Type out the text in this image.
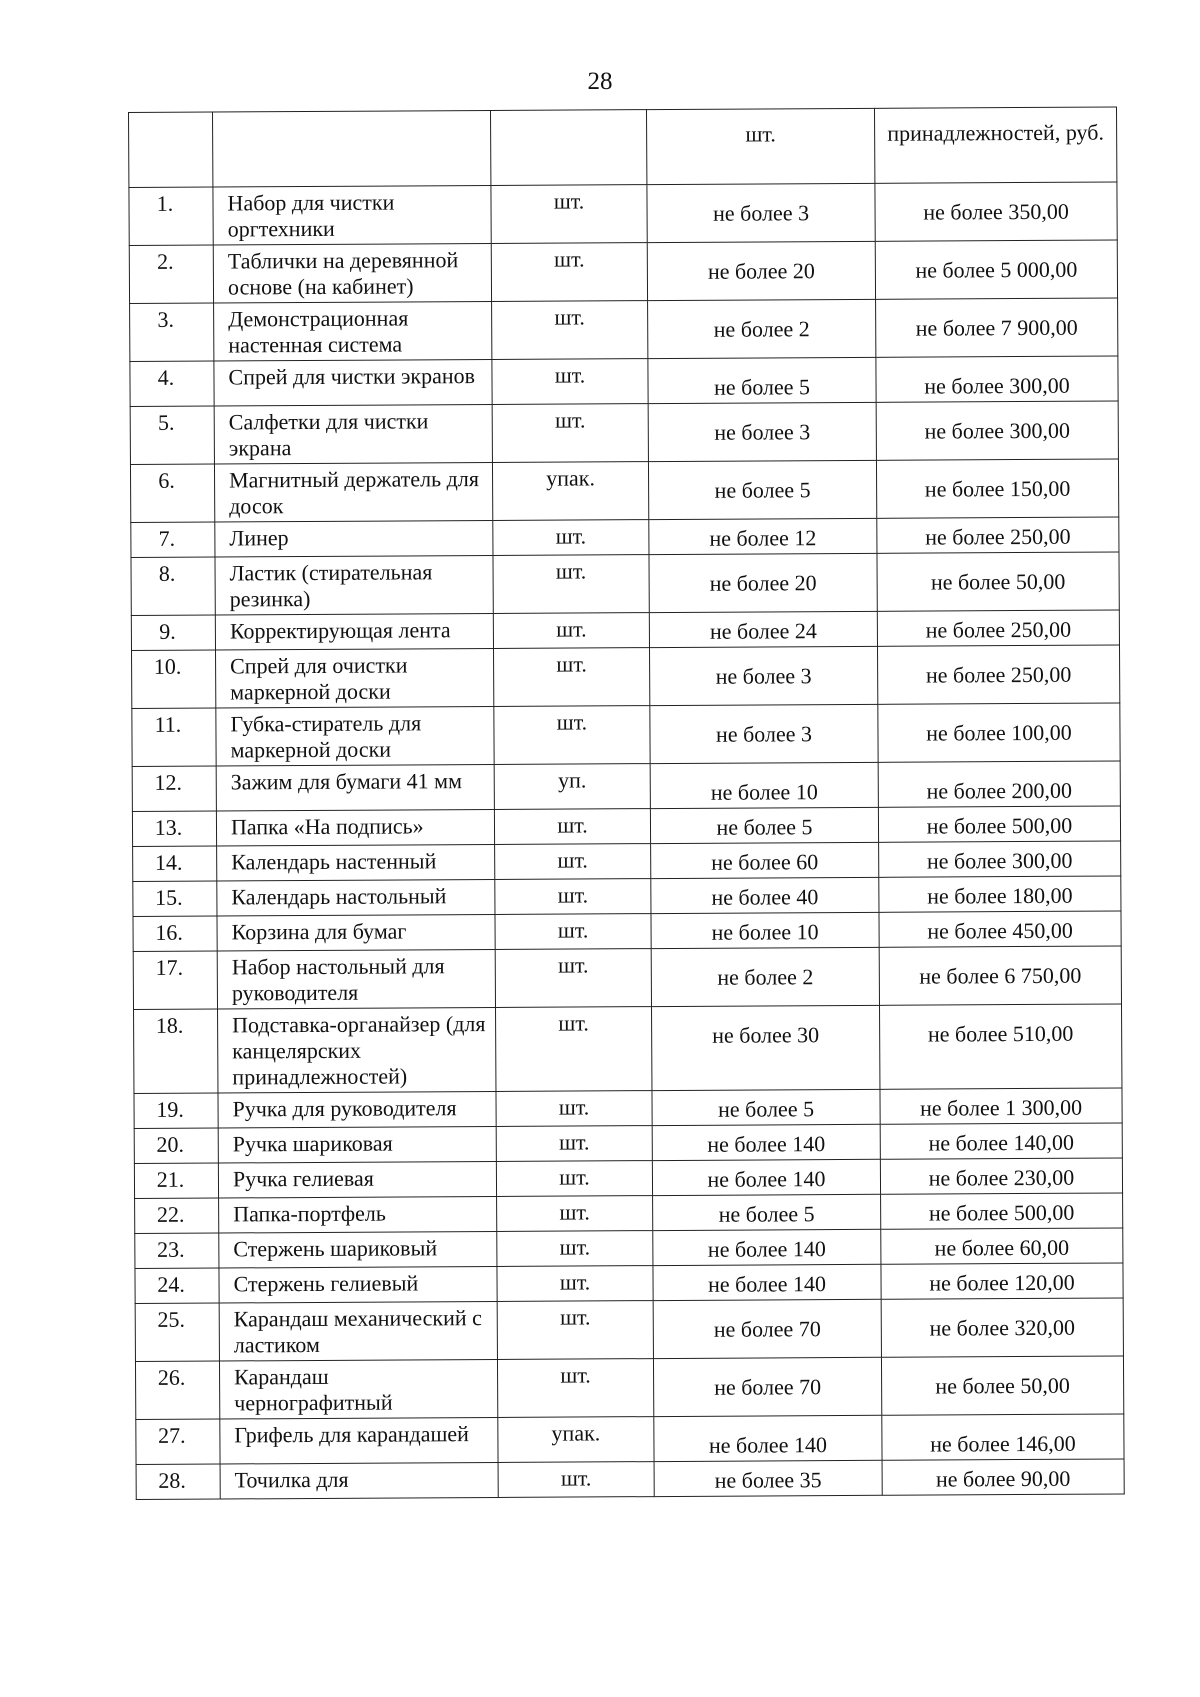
28
			шт.	принадлежностей, руб.
1.	Набор для чистки оргтехники	шт.	не более 3	не более 350,00
2.	Таблички на деревянной основе (на кабинет)	шт.	не более 20	не более 5 000,00
3.	Демонстрационная настенная система	шт.	не более 2	не более 7 900,00
4.	Спрей для чистки экранов	шт.	не более 5	не более 300,00
5.	Салфетки для чистки экрана	шт.	не более 3	не более 300,00
6.	Магнитный держатель для досок	упак.	не более 5	не более 150,00
7.	Линер	шт.	не более 12	не более 250,00
8.	Ластик (стирательная резинка)	шт.	не более 20	не более 50,00
9.	Корректирующая лента	шт.	не более 24	не более 250,00
10.	Спрей для очистки маркерной доски	шт.	не более 3	не более 250,00
11.	Губка-стиратель для маркерной доски	шт.	не более 3	не более 100,00
12.	Зажим для бумаги 41 мм	уп.	не более 10	не более 200,00
13.	Папка «На подпись»	шт.	не более 5	не более 500,00
14.	Календарь настенный	шт.	не более 60	не более 300,00
15.	Календарь настольный	шт.	не более 40	не более 180,00
16.	Корзина для бумаг	шт.	не более 10	не более 450,00
17.	Набор настольный для руководителя	шт.	не более 2	не более 6 750,00
18.	Подставка-органайзер (для канцелярских принадлежностей)	шт.	не более 30	не более 510,00
19.	Ручка для руководителя	шт.	не более 5	не более 1 300,00
20.	Ручка шариковая	шт.	не более 140	не более 140,00
21.	Ручка гелиевая	шт.	не более 140	не более 230,00
22.	Папка-портфель	шт.	не более 5	не более 500,00
23.	Стержень шариковый	шт.	не более 140	не более 60,00
24.	Стержень гелиевый	шт.	не более 140	не более 120,00
25.	Карандаш механический с ластиком	шт.	не более 70	не более 320,00
26.	Карандаш чернографитный	шт.	не более 70	не более 50,00
27.	Грифель для карандашей	упак.	не более 140	не более 146,00
28.	Точилка для	шт.	не более 35	не более 90,00
